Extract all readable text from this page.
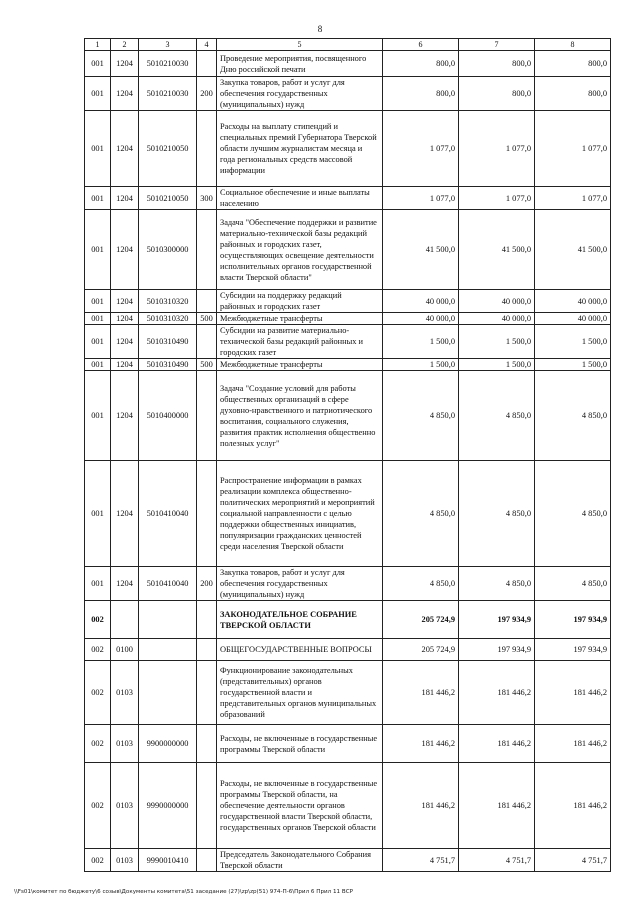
8
1	2	3	4	5	6	7	8
001	1204	5010210030		Проведение мероприятия, посвященного Дню российской печати	800,0	800,0	800,0
001	1204	5010210030	200	Закупка товаров, работ и услуг для обеспечения государственных (муниципальных) нужд	800,0	800,0	800,0
001	1204	5010210050		Расходы на выплату стипендий и специальных премий Губернатора Тверской области лучшим журналистам месяца и года региональных средств массовой информации	1 077,0	1 077,0	1 077,0
001	1204	5010210050	300	Социальное обеспечение и иные выплаты населению	1 077,0	1 077,0	1 077,0
001	1204	5010300000		Задача "Обеспечение поддержки и развитие материально-технической базы редакций районных и городских газет, осуществляющих освещение деятельности исполнительных органов государственной власти Тверской области"	41 500,0	41 500,0	41 500,0
001	1204	5010310320		Субсидии на поддержку редакций районных и городских газет	40 000,0	40 000,0	40 000,0
001	1204	5010310320	500	Межбюджетные трансферты	40 000,0	40 000,0	40 000,0
001	1204	5010310490		Субсидии на развитие материально-технической базы редакций районных и городских газет	1 500,0	1 500,0	1 500,0
001	1204	5010310490	500	Межбюджетные трансферты	1 500,0	1 500,0	1 500,0
001	1204	5010400000		Задача "Создание условий для работы общественных организаций в сфере духовно-нравственного и патриотического воспитания, социального служения, развития практик исполнения общественно полезных услуг"	4 850,0	4 850,0	4 850,0
001	1204	5010410040		Распространение информации в рамках реализации комплекса общественно-политических мероприятий и мероприятий социальной направленности с целью поддержки общественных инициатив, популяризации гражданских ценностей среди населения Тверской области	4 850,0	4 850,0	4 850,0
001	1204	5010410040	200	Закупка товаров, работ и услуг для обеспечения государственных (муниципальных) нужд	4 850,0	4 850,0	4 850,0
002				ЗАКОНОДАТЕЛЬНОЕ СОБРАНИЕ ТВЕРСКОЙ ОБЛАСТИ	205 724,9	197 934,9	197 934,9
002	0100			ОБЩЕГОСУДАРСТВЕННЫЕ ВОПРОСЫ	205 724,9	197 934,9	197 934,9
002	0103			Функционирование законодательных (представительных) органов государственной власти и представительных органов муниципальных образований	181 446,2	181 446,2	181 446,2
002	0103	9900000000		Расходы, не включенные в государственные программы Тверской области	181 446,2	181 446,2	181 446,2
002	0103	9990000000		Расходы, не включенные в государственные программы Тверской области, на обеспечение деятельности органов государственной власти Тверской области, государственных органов Тверской области	181 446,2	181 446,2	181 446,2
002	0103	9990010410		Председатель Законодательного Собрания Тверской области	4 751,7	4 751,7	4 751,7
\\Fs01\комитет по бюджету\6 созыв\Документы комитета\51 заседание (27)\zp\zp(51) 974-П-6\Прил 6 Прил 11 ВСР
